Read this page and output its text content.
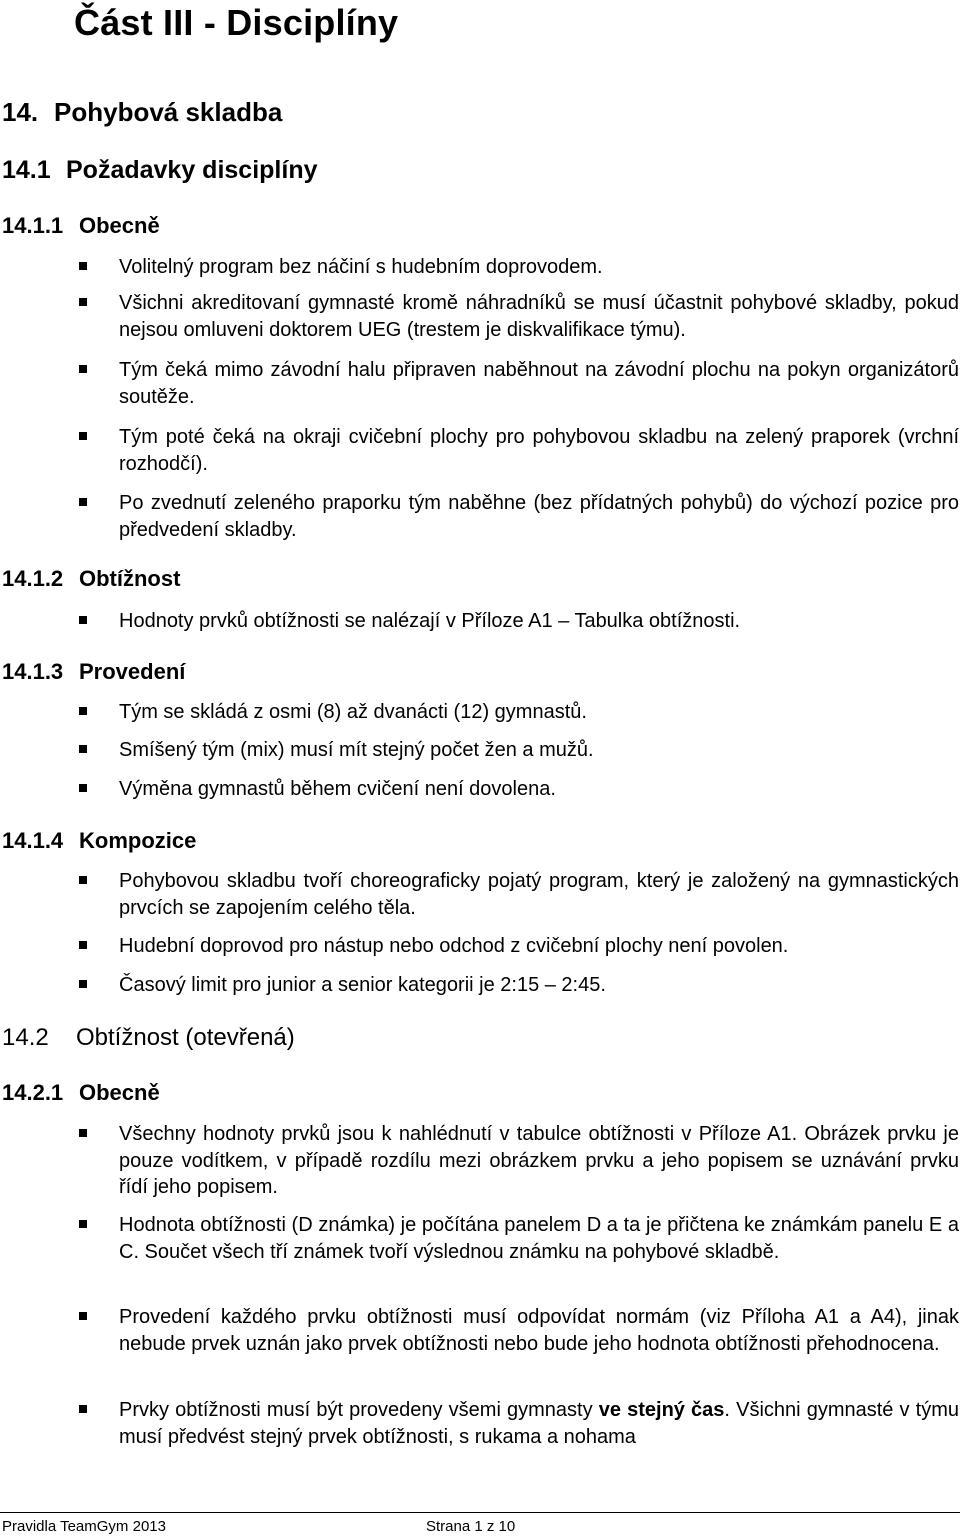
Část III - Disciplíny
14. Pohybová skladba
14.1 Požadavky disciplíny
14.1.1 Obecně
Volitelný program bez náčiní s hudebním doprovodem.
Všichni akreditovaní gymnasté kromě náhradníků se musí účastnit pohybové skladby, pokud nejsou omluveni doktorem UEG (trestem je diskvalifikace týmu).
Tým čeká mimo závodní halu připraven naběhnout na závodní plochu na pokyn organizátorů soutěže.
Tým poté čeká na okraji cvičební plochy pro pohybovou skladbu na zelený praporek (vrchní rozhodčí).
Po zvednutí zeleného praporku tým naběhne (bez přídatných pohybů) do výchozí pozice pro předvedení skladby.
14.1.2 Obtížnost
Hodnoty prvků obtížnosti se nalézají v Příloze A1 – Tabulka obtížnosti.
14.1.3 Provedení
Tým se skládá z osmi (8) až dvanácti (12) gymnastů.
Smíšený tým (mix) musí mít stejný počet žen a mužů.
Výměna gymnastů během cvičení není dovolena.
14.1.4 Kompozice
Pohybovou skladbu tvoří choreograficky pojatý program, který je založený na gymnastických prvcích se zapojením celého těla.
Hudební doprovod pro nástup nebo odchod z cvičební plochy není povolen.
Časový limit pro junior a senior kategorii je 2:15 – 2:45.
14.2 Obtížnost (otevřená)
14.2.1 Obecně
Všechny hodnoty prvků jsou k nahlédnutí v tabulce obtížnosti v Příloze A1. Obrázek prvku je pouze vodítkem, v případě rozdílu mezi obrázkem prvku a jeho popisem se uznávání prvku řídí jeho popisem.
Hodnota obtížnosti (D známka) je počítána panelem D a ta je přičtena ke známkám panelu E a C. Součet všech tří známek tvoří výslednou známku na pohybové skladbě.
Provedení každého prvku obtížnosti musí odpovídat normám (viz Příloha A1 a A4), jinak nebude prvek uznán jako prvek obtížnosti nebo bude jeho hodnota obtížnosti přehodnocena.
Prvky obtížnosti musí být provedeny všemi gymnasty ve stejný čas. Všichni gymnasté v týmu musí předvést stejný prvek obtížnosti, s rukama a nohama
Pravidla TeamGym 2013	Strana 1 z 10
